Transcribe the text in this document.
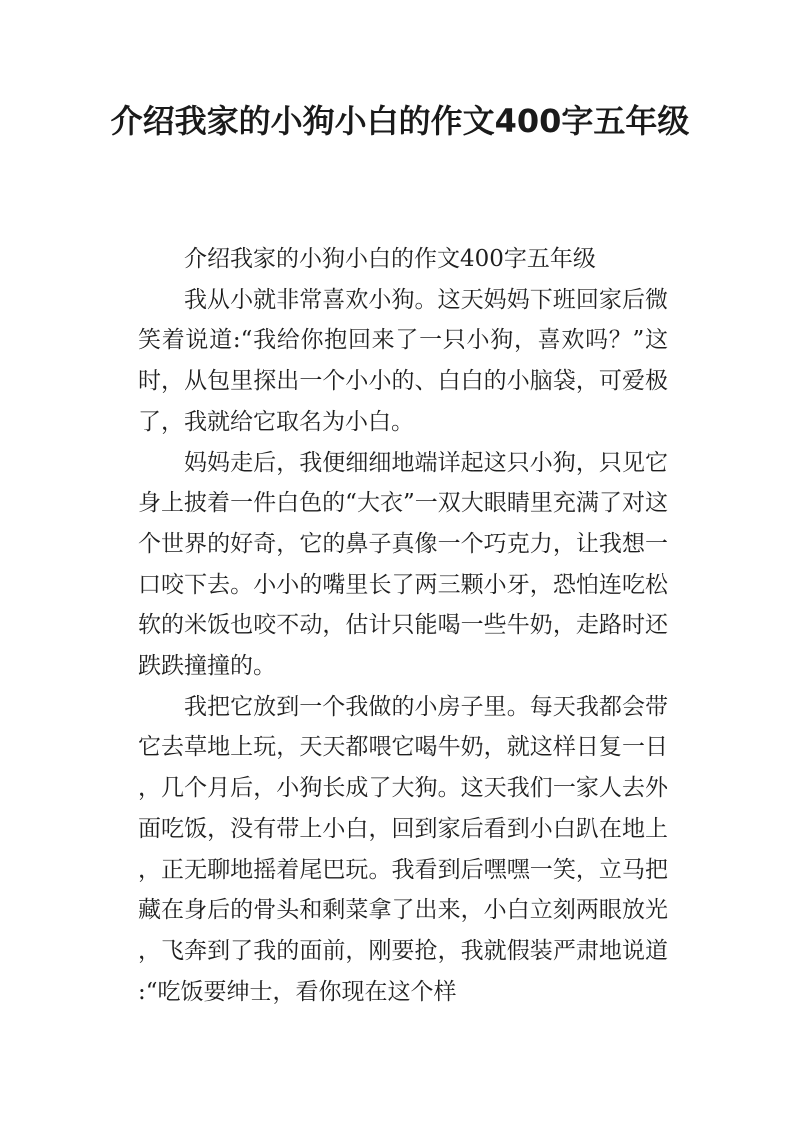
介绍我家的小狗小白的作文400字五年级

介绍我家的小狗小白的作文400字五年级

我从小就非常喜欢小狗。这天妈妈下班回家后微笑着说道:“我给你抱回来了一只小狗，喜欢吗？”这时，从包里探出一个小小的、白白的小脑袋，可爱极了，我就给它取名为小白。

妈妈走后，我便细细地端详起这只小狗，只见它身上披着一件白色的“大衣”一双大眼睛里充满了对这个世界的好奇，它的鼻子真像一个巧克力，让我想一口咬下去。小小的嘴里长了两三颗小牙，恐怕连吃松软的米饭也咬不动，估计只能喝一些牛奶，走路时还跌跌撞撞的。

我把它放到一个我做的小房子里。每天我都会带它去草地上玩，天天都喂它喝牛奶，就这样日复一日，几个月后，小狗长成了大狗。这天我们一家人去外面吃饭，没有带上小白，回到家后看到小白趴在地上，正无聊地摇着尾巴玩。我看到后嘿嘿一笑，立马把藏在身后的骨头和剩菜拿了出来，小白立刻两眼放光，飞奔到了我的面前，刚要抢，我就假装严肃地说道:“吃饭要绅士，看你现在这个样
